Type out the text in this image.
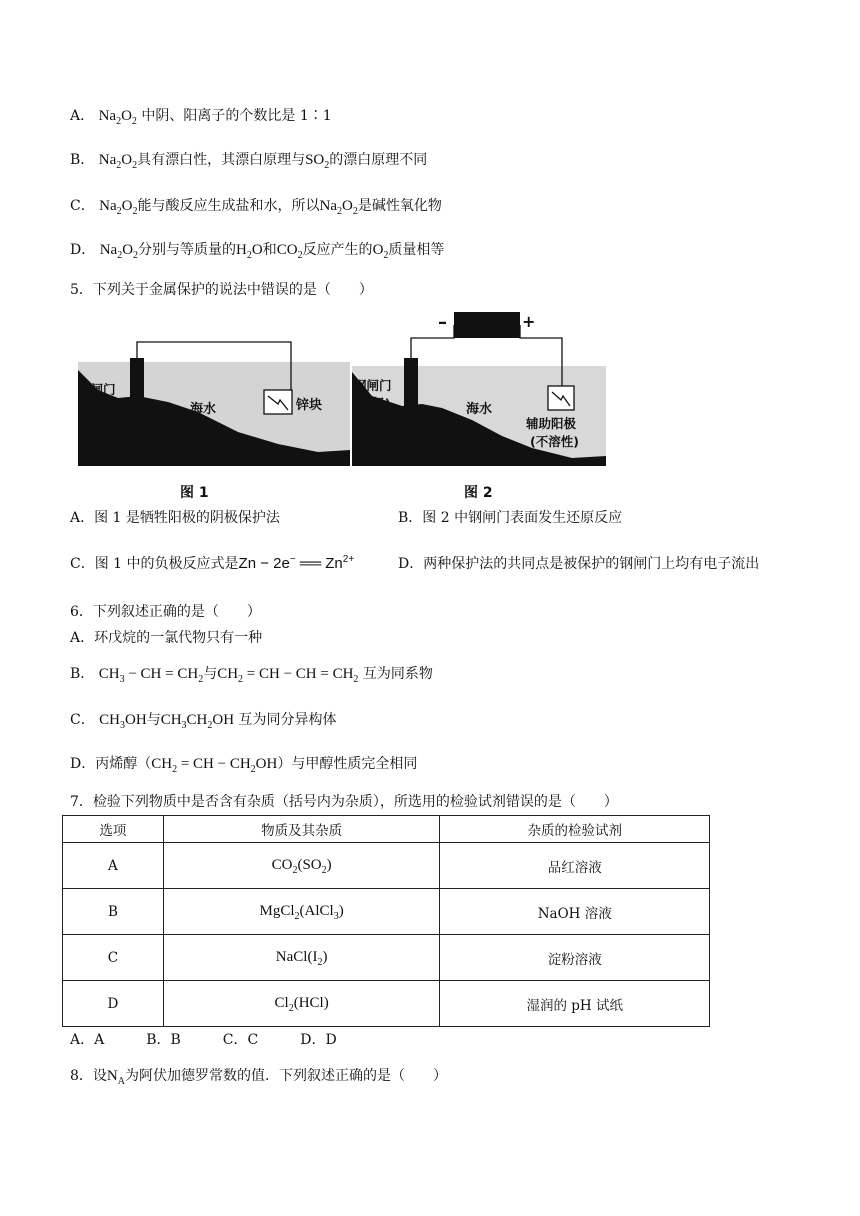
A． $Na_2O_2$ 中阴、阳离子的个数比是 1∶1
B． $Na_2O_2$具有漂白性，其漂白原理与$SO_2$的漂白原理不同
C． $Na_2O_2$能与酸反应生成盐和水，所以$Na_2O_2$是碱性氧化物
D． $Na_2O_2$分别与等质量的$H_2O$和$CO_2$反应产生的$O_2$质量相等
5．下列关于金属保护的说法中错误的是（　　）
钢闸门
海水	锌块
图 1
–	+
钢闸门
(阴极)	海水
辅助阳极
(不溶性)
图 2
A．图 1 是牺牲阳极的阴极保护法	B．图 2 中钢闸门表面发生还原反应
C．图 1 中的负极反应式是Zn − 2e− ══ $Zn^{2+}$	D．两种保护法的共同点是被保护的钢闸门上均有电子流出
6．下列叙述正确的是（　　）
A．环戊烷的一氯代物只有一种
B． $CH_3$ − CH = $CH_2$与$CH_2$ = CH − CH = $CH_2$ 互为同系物
C． $CH_3OH$与$CH_3CH_2OH$ 互为同分异构体
D．丙烯醇（$CH_2$ = CH − $CH_2OH$）与甲醇性质完全相同
7．检验下列物质中是否含有杂质（括号内为杂质），所选用的检验试剂错误的是（　　）
选项	物质及其杂质	杂质的检验试剂
A	$CO_2(SO_2)$	品红溶液
B	MgCl$_2$(AlCl$_3$)	NaOH 溶液
C	$NaCl(I_2)$	淀粉溶液
D	$Cl_2(HCl)$	湿润的 pH 试纸
A．A　　　B．B　　　C．C　　　D．D
8．设$N_A$为阿伏加德罗常数的值．下列叙述正确的是（　　）
